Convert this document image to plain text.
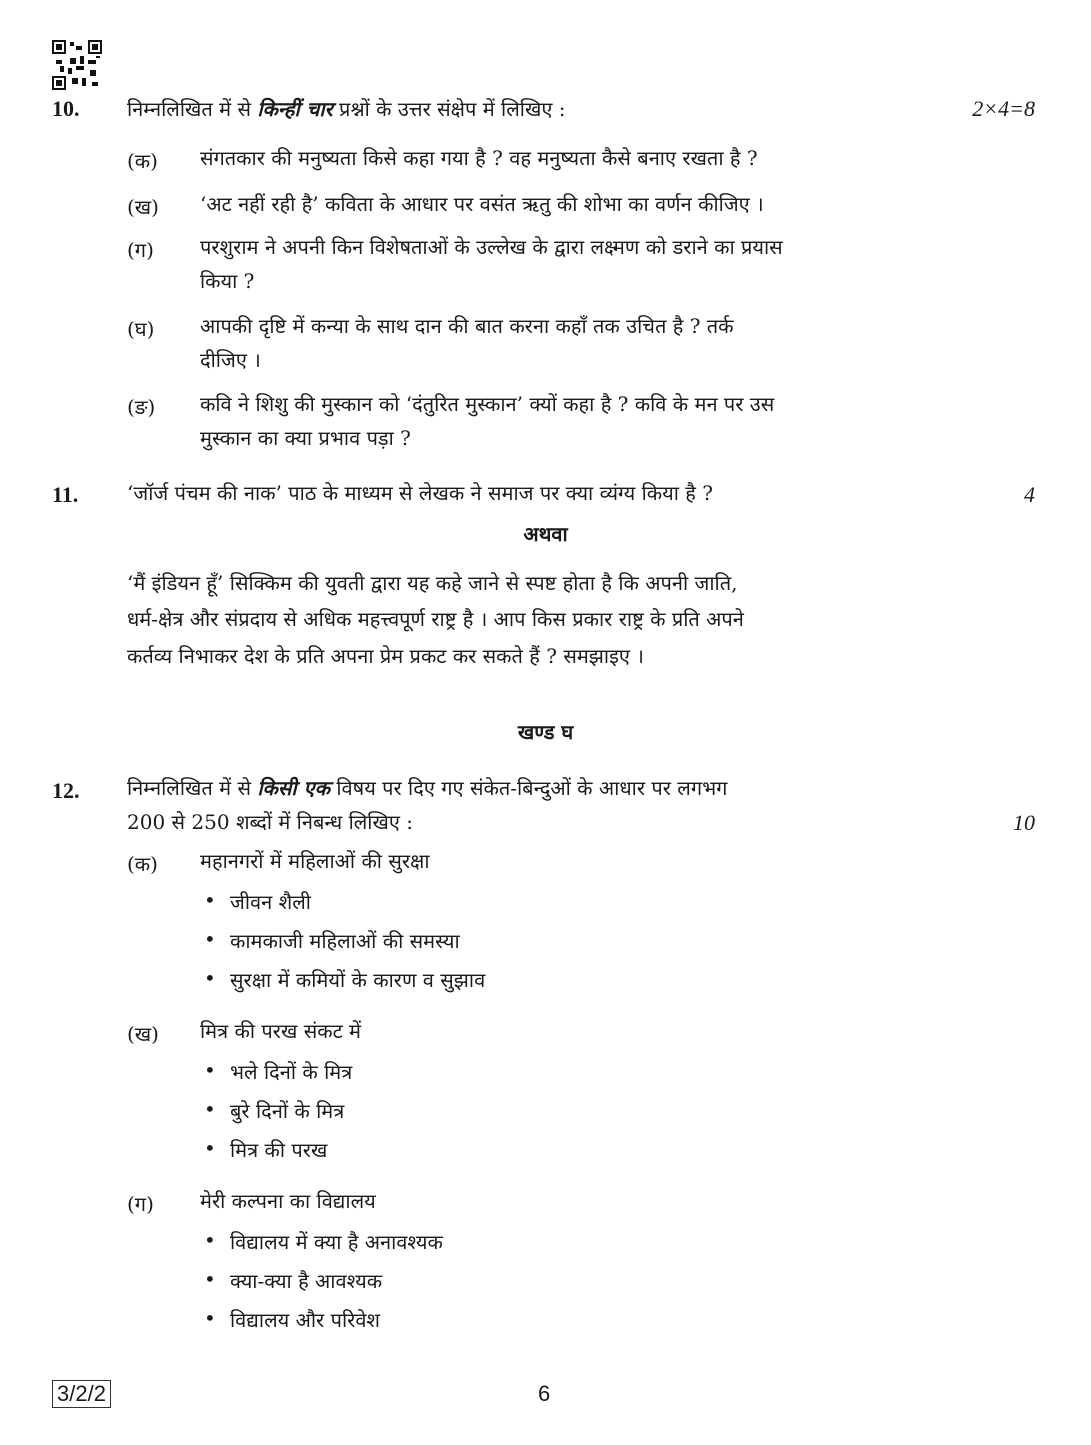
10. निम्नलिखित में से किन्हीं चार प्रश्नों के उत्तर संक्षेप में लिखिए :	2×4=8
(क) संगतकार की मनुष्यता किसे कहा गया है ? वह मनुष्यता कैसे बनाए रखता है ?
(ख) ‘अट नहीं रही है’ कविता के आधार पर वसंत ऋतु की शोभा का वर्णन कीजिए ।
(ग) परशुराम ने अपनी किन विशेषताओं के उल्लेख के द्वारा लक्ष्मण को डराने का प्रयास
किया ?
(घ) आपकी दृष्टि में कन्या के साथ दान की बात करना कहाँ तक उचित है ? तर्क
दीजिए ।
(ङ) कवि ने शिशु की मुस्कान को ‘दंतुरित मुस्कान’ क्यों कहा है ? कवि के मन पर उस
मुस्कान का क्या प्रभाव पड़ा ?
11. ‘जॉर्ज पंचम की नाक’ पाठ के माध्यम से लेखक ने समाज पर क्या व्यंग्य किया है ?	4
अथवा
‘मैं इंडियन हूँ’ सिक्किम की युवती द्वारा यह कहे जाने से स्पष्ट होता है कि अपनी जाति,
धर्म-क्षेत्र और संप्रदाय से अधिक महत्त्वपूर्ण राष्ट्र है । आप किस प्रकार राष्ट्र के प्रति अपने
कर्तव्य निभाकर देश के प्रति अपना प्रेम प्रकट कर सकते हैं ? समझाइए ।
खण्ड घ
12. निम्नलिखित में से किसी एक विषय पर दिए गए संकेत-बिन्दुओं के आधार पर लगभग
200 से 250 शब्दों में निबन्ध लिखिए :	10
(क) महानगरों में महिलाओं की सुरक्षा
• जीवन शैली
• कामकाजी महिलाओं की समस्या
• सुरक्षा में कमियों के कारण व सुझाव
(ख) मित्र की परख संकट में
• भले दिनों के मित्र
• बुरे दिनों के मित्र
• मित्र की परख
(ग) मेरी कल्पना का विद्यालय
• विद्यालय में क्या है अनावश्यक
• क्या-क्या है आवश्यक
• विद्यालय और परिवेश
3/2/2	6
